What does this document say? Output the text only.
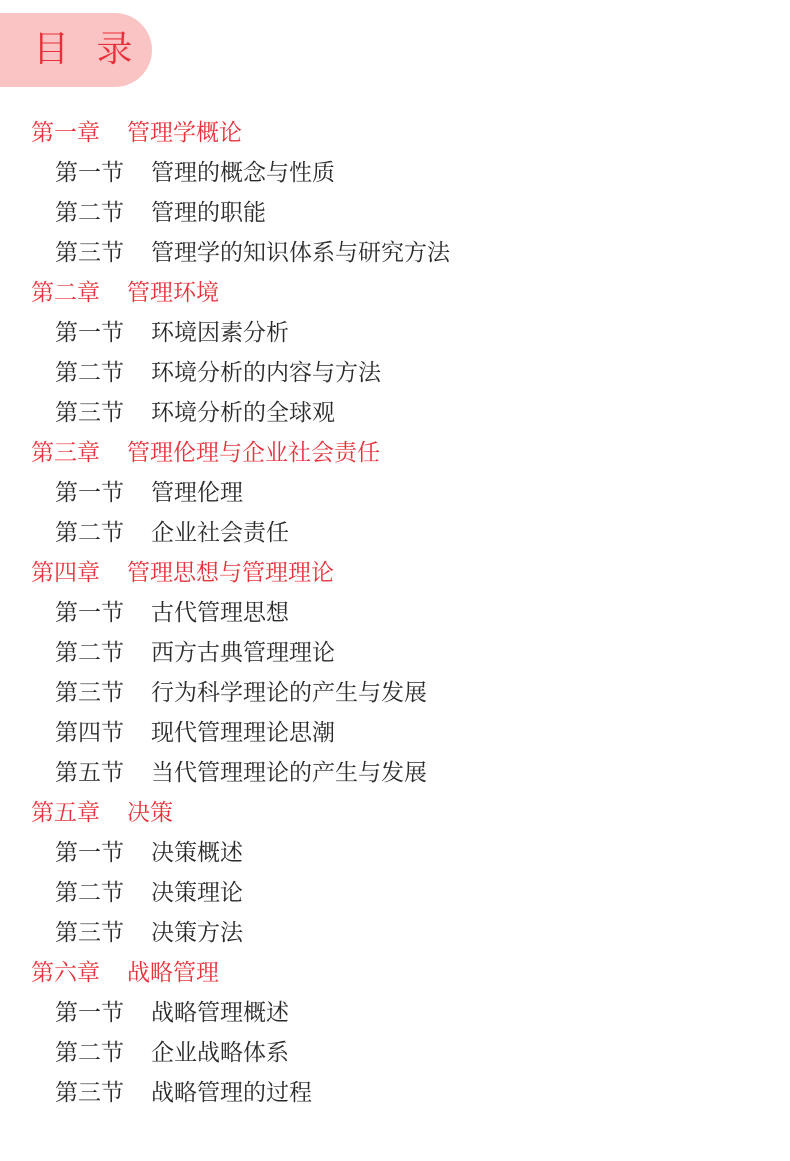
目 录
第一章	管理学概论
第一节	管理的概念与性质
第二节	管理的职能
第三节	管理学的知识体系与研究方法
第二章	管理环境
第一节	环境因素分析
第二节	环境分析的内容与方法
第三节	环境分析的全球观
第三章	管理伦理与企业社会责任
第一节	管理伦理
第二节	企业社会责任
第四章	管理思想与管理理论
第一节	古代管理思想
第二节	西方古典管理理论
第三节	行为科学理论的产生与发展
第四节	现代管理理论思潮
第五节	当代管理理论的产生与发展
第五章	决策
第一节	决策概述
第二节	决策理论
第三节	决策方法
第六章	战略管理
第一节	战略管理概述
第二节	企业战略体系
第三节	战略管理的过程
